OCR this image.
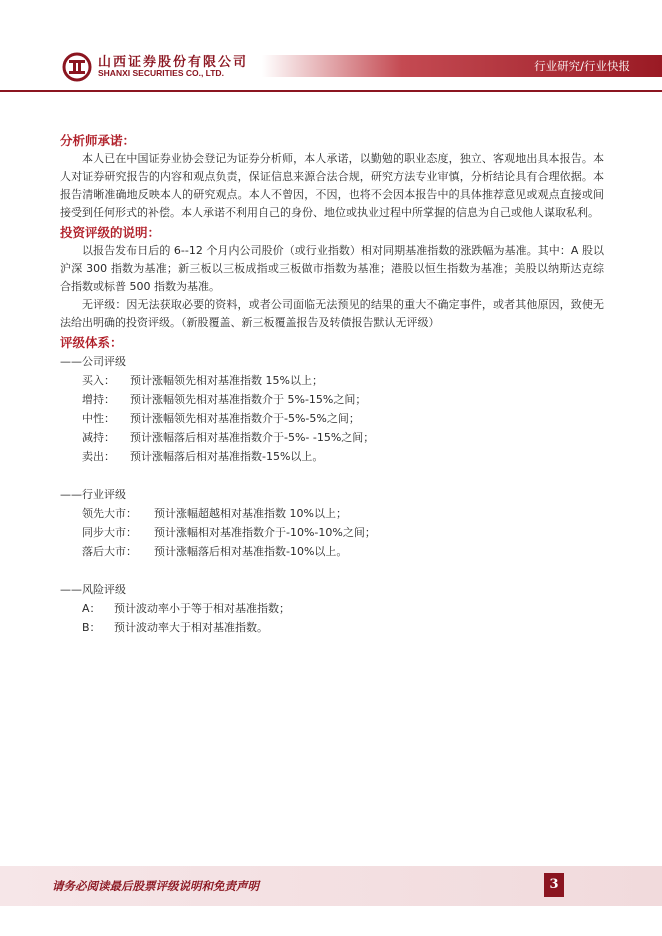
山西证券股份有限公司
SHANXI SECURITIES CO., LTD.	行业研究/行业快报
分析师承诺：
本人已在中国证券业协会登记为证券分析师，本人承诺，以勤勉的职业态度，独立、客观地出具本报告。本人对证券研究报告的内容和观点负责，保证信息来源合法合规，研究方法专业审慎，分析结论具有合理依据。本报告清晰准确地反映本人的研究观点。本人不曾因，不因，也将不会因本报告中的具体推荐意见或观点直接或间接受到任何形式的补偿。本人承诺不利用自己的身份、地位或执业过程中所掌握的信息为自己或他人谋取私利。
投资评级的说明：
以报告发布日后的 6--12 个月内公司股价（或行业指数）相对同期基准指数的涨跌幅为基准。其中：A 股以沪深 300 指数为基准；新三板以三板成指或三板做市指数为基准；港股以恒生指数为基准；美股以纳斯达克综合指数或标普 500 指数为基准。
无评级：因无法获取必要的资料，或者公司面临无法预见的结果的重大不确定事件，或者其他原因，致使无法给出明确的投资评级。（新股覆盖、新三板覆盖报告及转债报告默认无评级）
评级体系：
——公司评级
买入：	预计涨幅领先相对基准指数 15%以上；
增持：	预计涨幅领先相对基准指数介于 5%-15%之间；
中性：	预计涨幅领先相对基准指数介于-5%-5%之间；
减持：	预计涨幅落后相对基准指数介于-5%- -15%之间；
卖出：	预计涨幅落后相对基准指数-15%以上。
——行业评级
领先大市：	预计涨幅超越相对基准指数 10%以上；
同步大市：	预计涨幅相对基准指数介于-10%-10%之间；
落后大市：	预计涨幅落后相对基准指数-10%以上。
——风险评级
A：	预计波动率小于等于相对基准指数；
B：	预计波动率大于相对基准指数。
请务必阅读最后股票评级说明和免责声明	3
